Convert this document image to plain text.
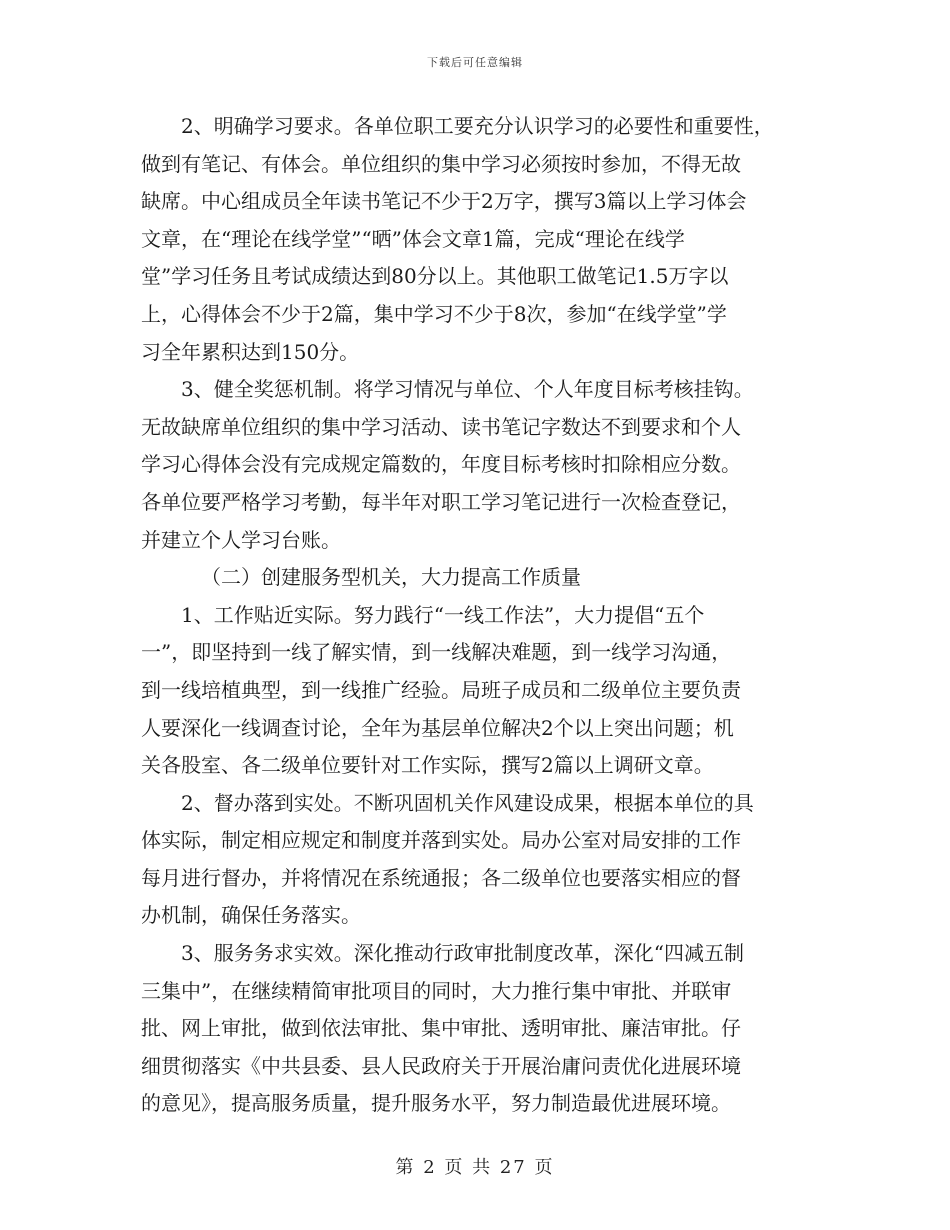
下载后可任意编辑
2、明确学习要求。各单位职工要充分认识学习的必要性和重要性，
做到有笔记、有体会。单位组织的集中学习必须按时参加，不得无故
缺席。中心组成员全年读书笔记不少于2万字，撰写3篇以上学习体会
文章，在“理论在线学堂”“晒”体会文章1篇，完成“理论在线学
堂”学习任务且考试成绩达到80分以上。其他职工做笔记1.5万字以
上，心得体会不少于2篇，集中学习不少于8次，参加“在线学堂”学
习全年累积达到150分。
3、健全奖惩机制。将学习情况与单位、个人年度目标考核挂钩。
无故缺席单位组织的集中学习活动、读书笔记字数达不到要求和个人
学习心得体会没有完成规定篇数的，年度目标考核时扣除相应分数。
各单位要严格学习考勤，每半年对职工学习笔记进行一次检查登记，
并建立个人学习台账。
（二）创建服务型机关，大力提高工作质量
1、工作贴近实际。努力践行“一线工作法”，大力提倡“五个
一”，即坚持到一线了解实情，到一线解决难题，到一线学习沟通，
到一线培植典型，到一线推广经验。局班子成员和二级单位主要负责
人要深化一线调查讨论，全年为基层单位解决2个以上突出问题；机
关各股室、各二级单位要针对工作实际，撰写2篇以上调研文章。
2、督办落到实处。不断巩固机关作风建设成果，根据本单位的具
体实际，制定相应规定和制度并落到实处。局办公室对局安排的工作
每月进行督办，并将情况在系统通报；各二级单位也要落实相应的督
办机制，确保任务落实。
3、服务务求实效。深化推动行政审批制度改革，深化“四减五制
三集中”，在继续精简审批项目的同时，大力推行集中审批、并联审
批、网上审批，做到依法审批、集中审批、透明审批、廉洁审批。仔
细贯彻落实《中共县委、县人民政府关于开展治庸问责优化进展环境
的意见》，提高服务质量，提升服务水平，努力制造最优进展环境。
第 2 页 共 27 页
